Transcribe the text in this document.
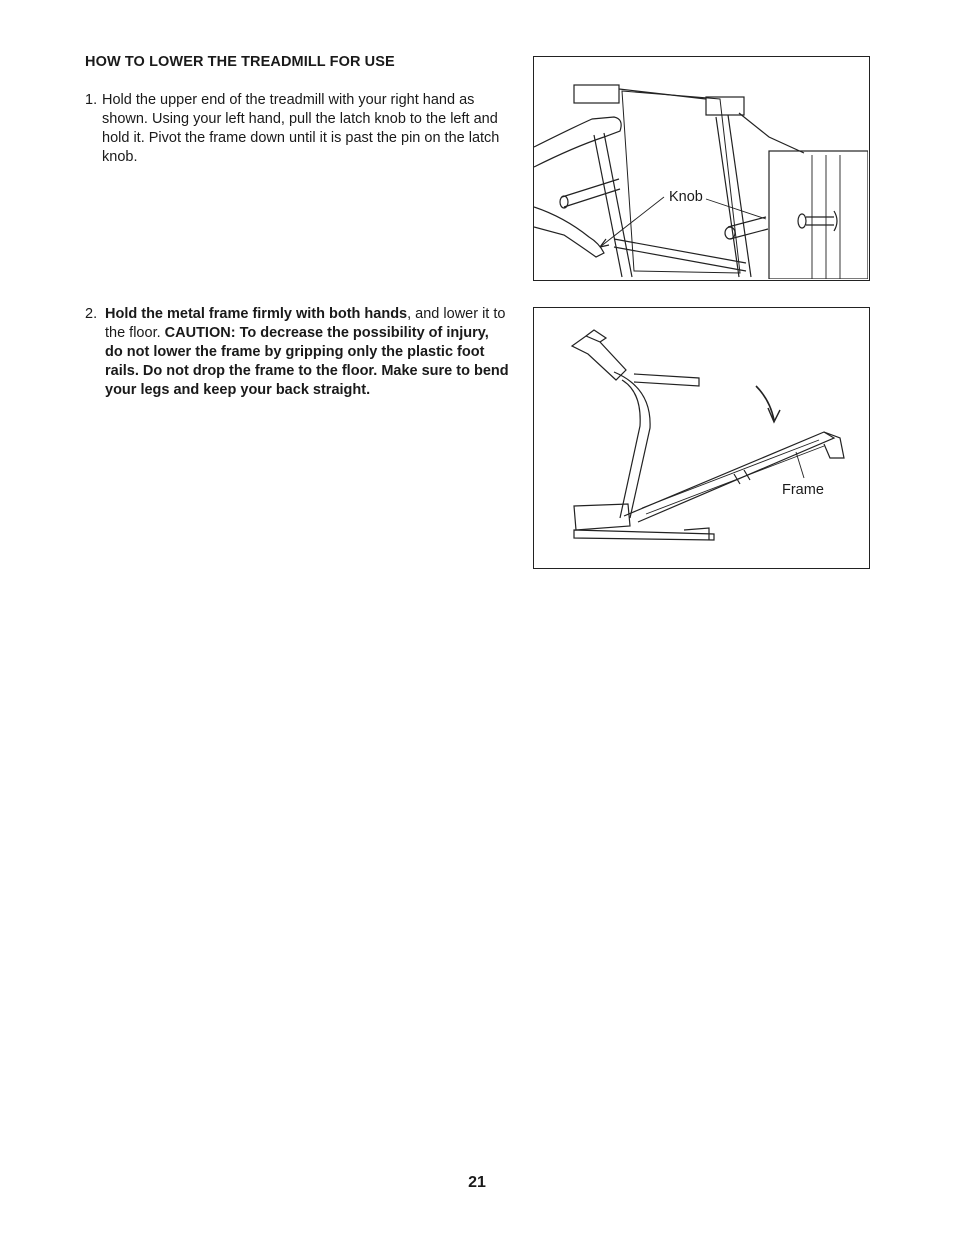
HOW TO LOWER THE TREADMILL FOR USE
1. Hold the upper end of the treadmill with your right hand as shown. Using your left hand, pull the latch knob to the left and hold it. Pivot the frame down until it is past the pin on the latch knob.
2. Hold the metal frame firmly with both hands, and lower it to the floor. CAUTION: To decrease the possibility of injury, do not lower the frame by gripping only the plastic foot rails. Do not drop the frame to the floor. Make sure to bend your legs and keep your back straight.
Knob
Frame
21
